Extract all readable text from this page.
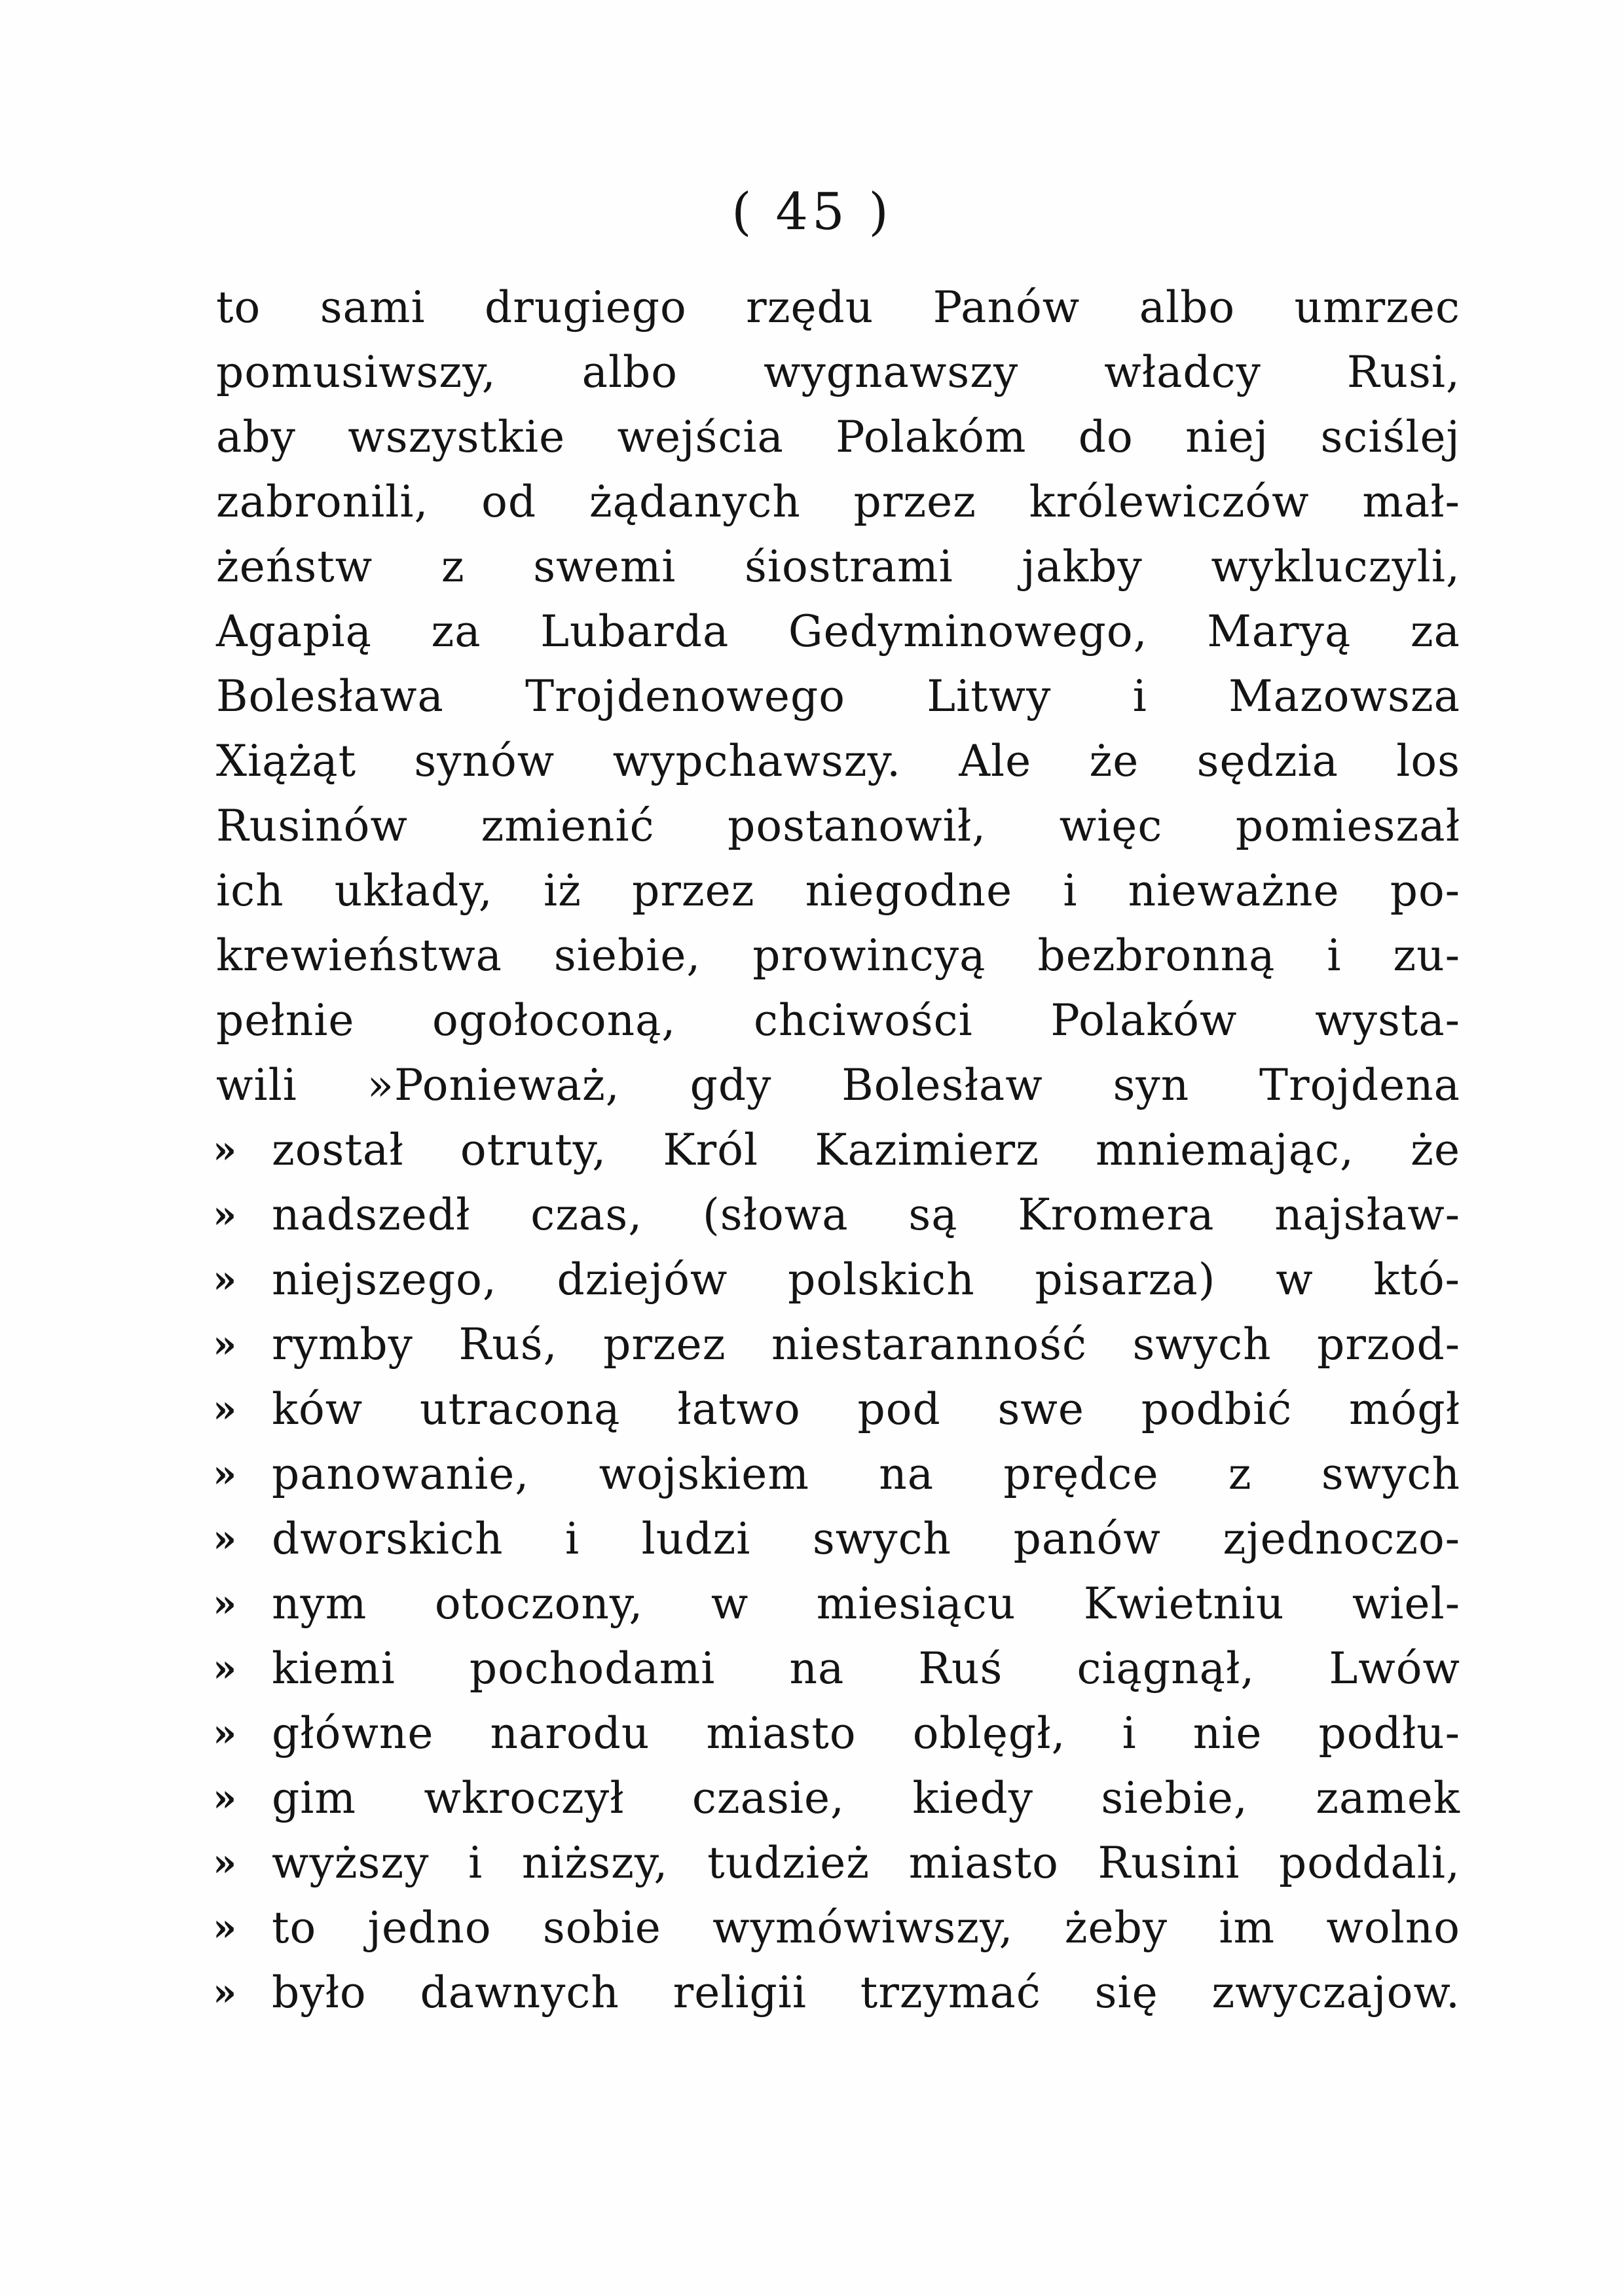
( 45 )
to sami drugiego rzędu Panów albo umrzec
pomusiwszy, albo wygnawszy władcy Rusi,
aby wszystkie wejścia Polakóm do niej sciślej
zabronili, od żądanych przez królewiczów mał-
żeństw z swemi śiostrami jakby wykluczyli,
Agapią za Lubarda Gedyminowego, Maryą za
Bolesława Trojdenowego Litwy i Mazowsza
Xiążąt synów wypchawszy. Ale że sędzia los
Rusinów zmienić postanowił, więc pomieszał
ich układy, iż przez niegodne i nieważne po-
krewieństwa siebie, prowincyą bezbronną i zu-
pełnie ogołoconą, chciwości Polaków wysta-
wili »Ponieważ, gdy Bolesław syn Trojdena
» został otruty, Król Kazimierz mniemając, że
» nadszedł czas, (słowa są Kromera najsław-
» niejszego, dziejów polskich pisarza) w któ-
» rymby Ruś, przez niestaranność swych przod-
» ków utraconą łatwo pod swe podbić mógł
» panowanie, wojskiem na prędce z swych
» dworskich i ludzi swych panów zjednoczo-
» nym otoczony, w miesiącu Kwietniu wiel-
» kiemi pochodami na Ruś ciągnął, Lwów
» główne narodu miasto oblęgł, i nie podłu-
» gim wkroczył czasie, kiedy siebie, zamek
» wyższy i niższy, tudzież miasto Rusini poddali,
» to jedno sobie wymówiwszy, żeby im wolno
» było dawnych religii trzymać się zwyczajow.
